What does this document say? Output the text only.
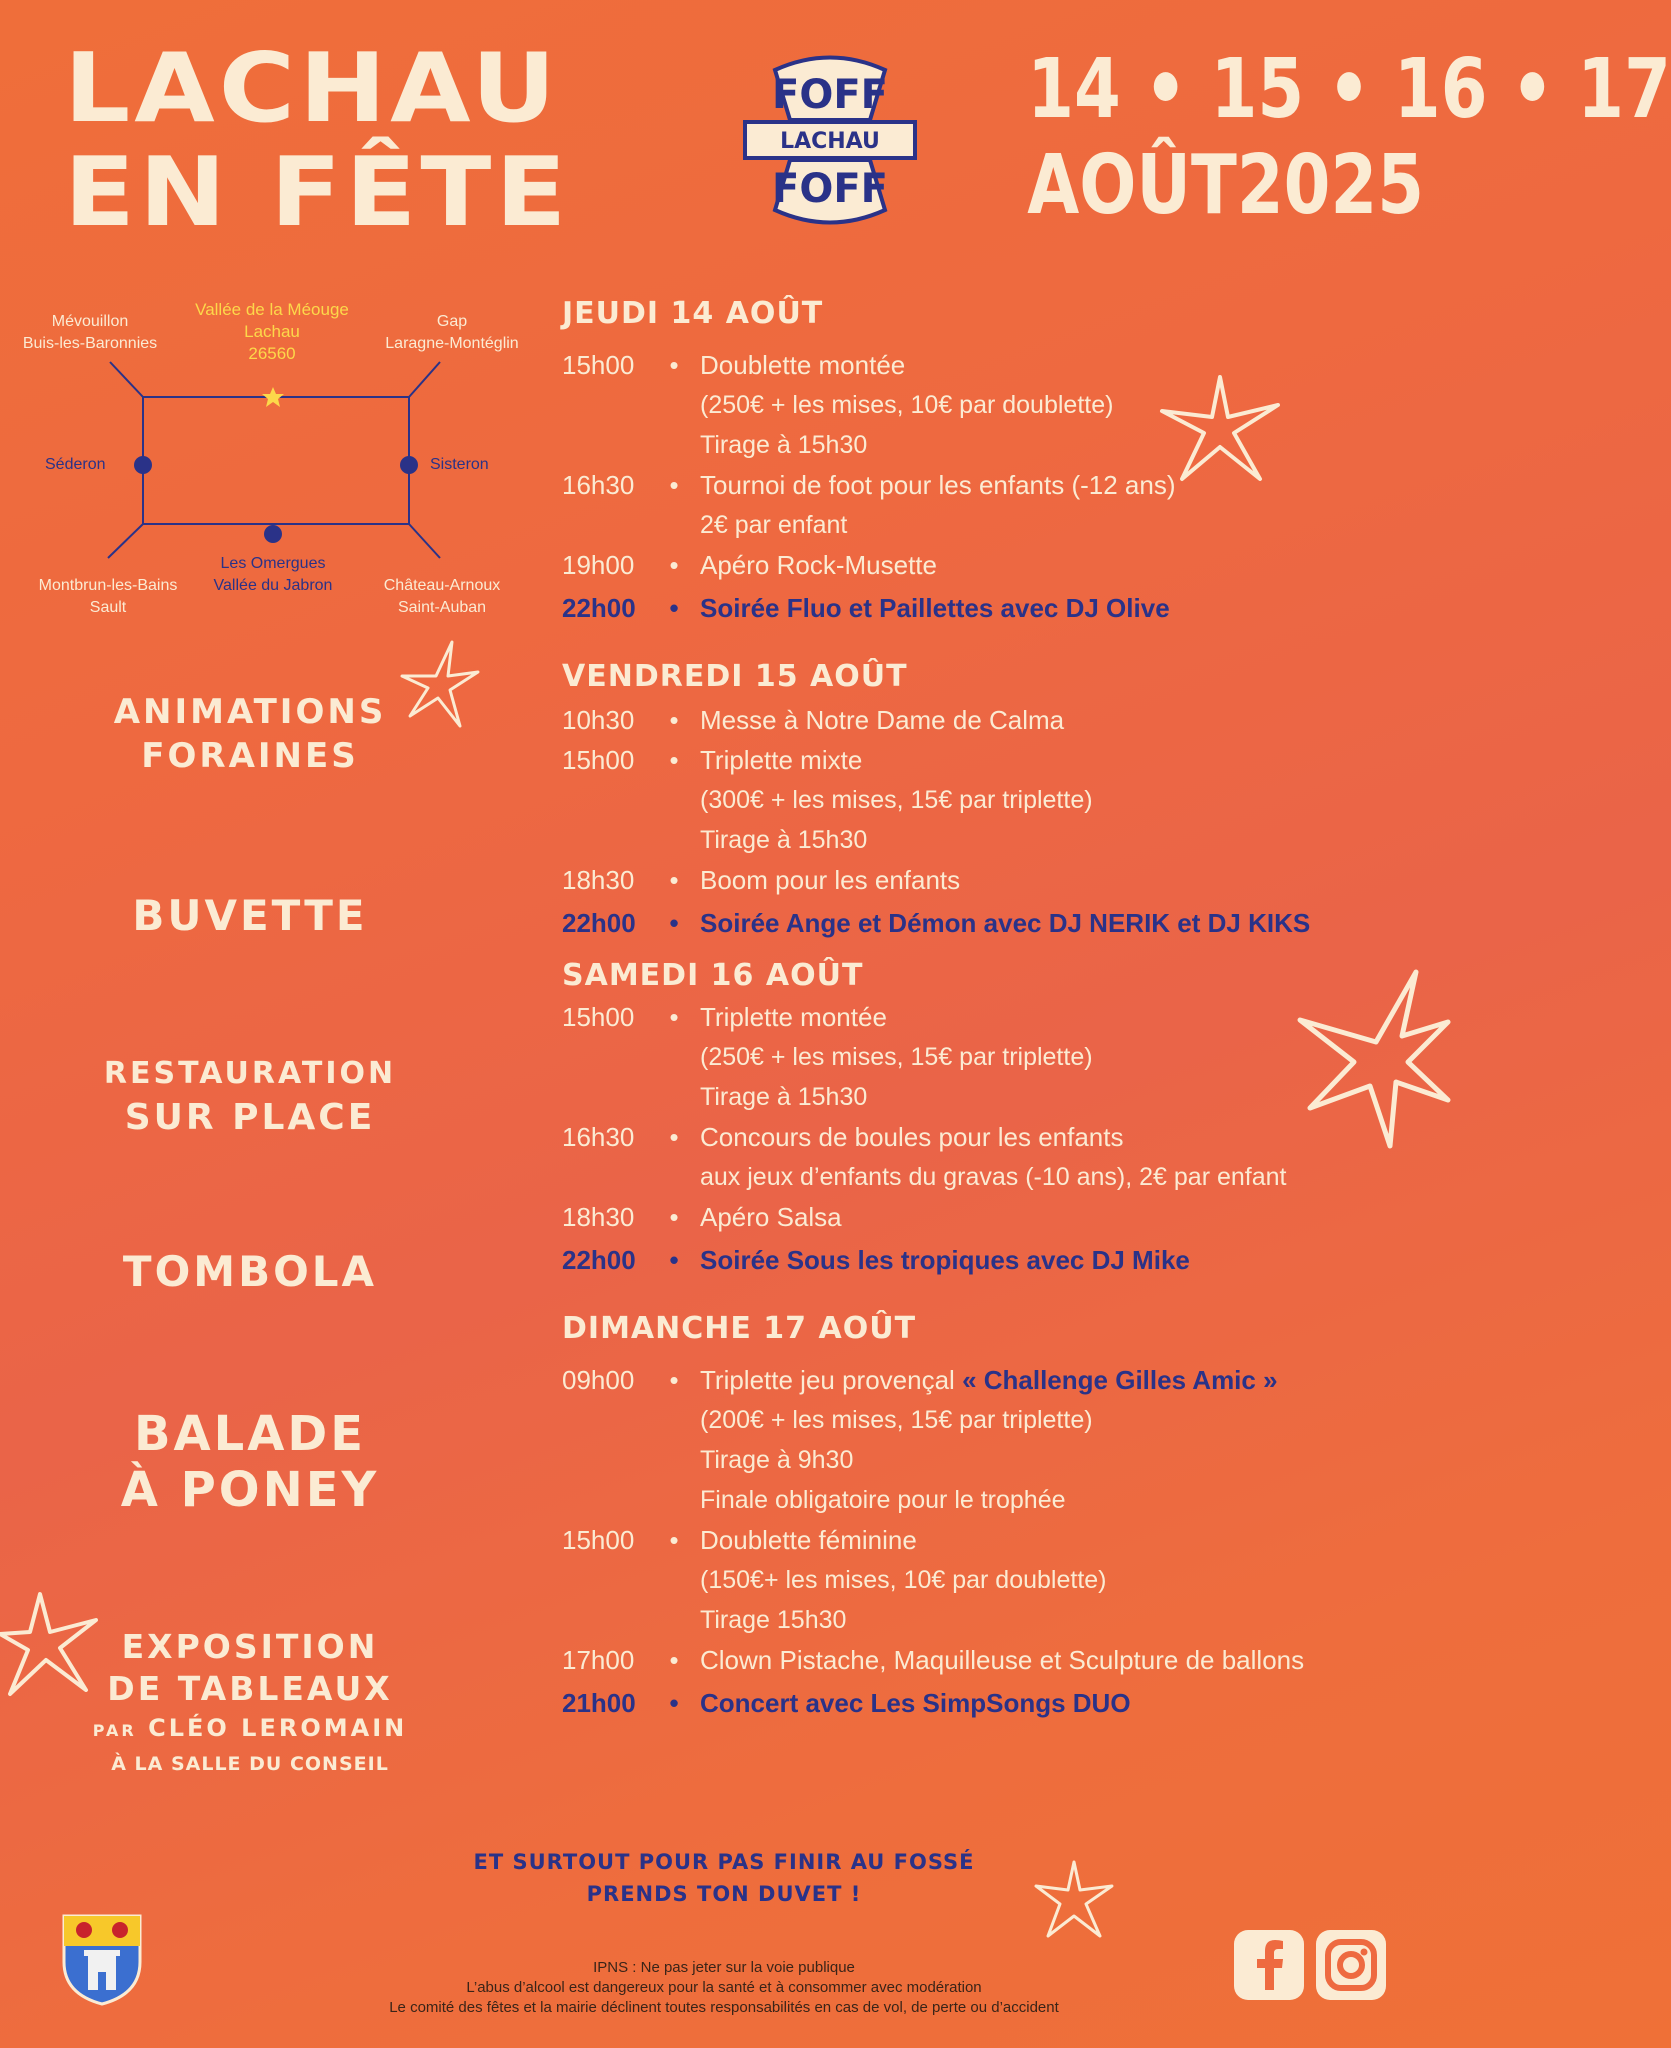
LACHAU
EN FÊTE
FOFF
LACHAU
FOFF
14 • 15 • 16 • 17
AOÛT 2025
Vallée de la Méouge
Lachau
26560
Mévouillon
Buis-les-Baronnies
Gap
Laragne-Montéglin
Séderon	Sisteron
Les Omergues
Vallée du Jabron
Montbrun-les-Bains
Sault
Château-Arnoux
Saint-Auban
ANIMATIONS
FORAINES
BUVETTE
RESTAURATION
SUR PLACE
TOMBOLA
BALADE
À PONEY
EXPOSITION
DE TABLEAUX
PAR CLÉO LEROMAIN
À LA SALLE DU CONSEIL
JEUDI 14 AOÛT
15h00	• Doublette montée
(250€ + les mises, 10€ par doublette)
Tirage à 15h30
16h30	• Tournoi de foot pour les enfants (-12 ans)
2€ par enfant
19h00	• Apéro Rock-Musette
22h00	• Soirée Fluo et Paillettes avec DJ Olive
VENDREDI 15 AOÛT
10h30	• Messe à Notre Dame de Calma
15h00	• Triplette mixte
(300€ + les mises, 15€ par triplette)
Tirage à 15h30
18h30	• Boom pour les enfants
22h00	• Soirée Ange et Démon avec DJ NERIK et DJ KIKS
SAMEDI 16 AOÛT
15h00	• Triplette montée
(250€ + les mises, 15€ par triplette)
Tirage à 15h30
16h30	• Concours de boules pour les enfants
aux jeux d’enfants du gravas (-10 ans), 2€ par enfant
18h30	• Apéro Salsa
22h00	• Soirée Sous les tropiques avec DJ Mike
DIMANCHE 17 AOÛT
09h00	• Triplette jeu provençal « Challenge Gilles Amic »
(200€ + les mises, 15€ par triplette)
Tirage à 9h30
Finale obligatoire pour le trophée
15h00	• Doublette féminine
(150€+ les mises, 10€ par doublette)
Tirage 15h30
17h00	• Clown Pistache, Maquilleuse et Sculpture de ballons
21h00	• Concert avec Les SimpSongs DUO
ET SURTOUT POUR PAS FINIR AU FOSSÉ
PRENDS TON DUVET !
IPNS : Ne pas jeter sur la voie publique
L’abus d’alcool est dangereux pour la santé et à consommer avec modération
Le comité des fêtes et la mairie déclinent toutes responsabilités en cas de vol, de perte ou d’accident
